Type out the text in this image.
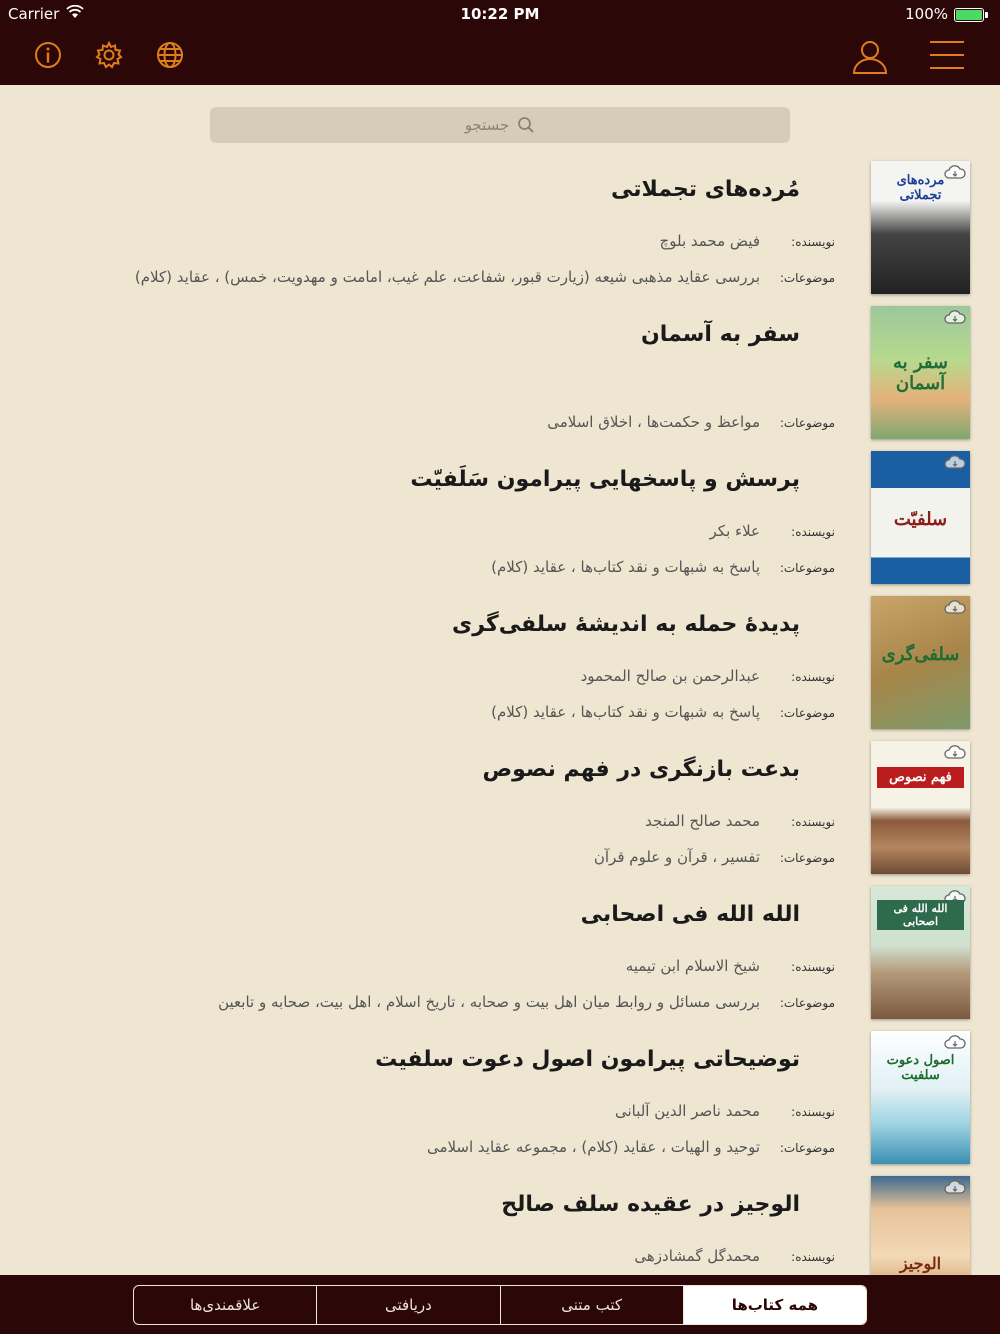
Carrier	10:22 PM	100%
جستجو
مرده‌های تجملاتی
مُرده‌های تجملاتی
نویسنده:
فیض محمد بلوچ
موضوعات:
بررسی عقاید مذهبی شیعه (زیارت قبور، شفاعت، علم غیب، امامت و مهدویت، خمس) ، عقاید (کلام)
سفر به آسمان
سفر به آسمان
موضوعات:
مواعظ و حکمت‌ها ، اخلاق اسلامی
سلفیّت
پرسش و پاسخهایی پیرامون سَلَفیّت
نویسنده:
علاء بکر
موضوعات:
پاسخ به شبهات و نقد کتاب‌ها ، عقاید (کلام)
سلفی‌گری
پدیدۀ حمله به اندیشۀ سلفی‌گری
نویسنده:
عبدالرحمن بن صالح المحمود
موضوعات:
پاسخ به شبهات و نقد کتاب‌ها ، عقاید (کلام)
فهم نصوص
بدعت بازنگری در فهم نصوص
نویسنده:
محمد صالح المنجد
موضوعات:
تفسیر ، قرآن و علوم قرآن
الله الله فی اصحابی
الله الله فی اصحابی
نویسنده:
شیخ الاسلام ابن تیمیه
موضوعات:
بررسی مسائل و روابط میان اهل بیت و صحابه ، تاریخ اسلام ، اهل بیت، صحابه و تابعین
اصول دعوت سلفیت
توضیحاتی پیرامون اصول دعوت سلفیت
نویسنده:
محمد ناصر الدین آلبانی
موضوعات:
توحید و الهیات ، عقاید (کلام) ، مجموعه عقاید اسلامی
الوجیز
الوجیز در عقیده سلف صالح
نویسنده:
محمدگل گمشادزهی
همه کتاب‌ها
کتب متنی
دریافتی
علاقمندی‌ها
